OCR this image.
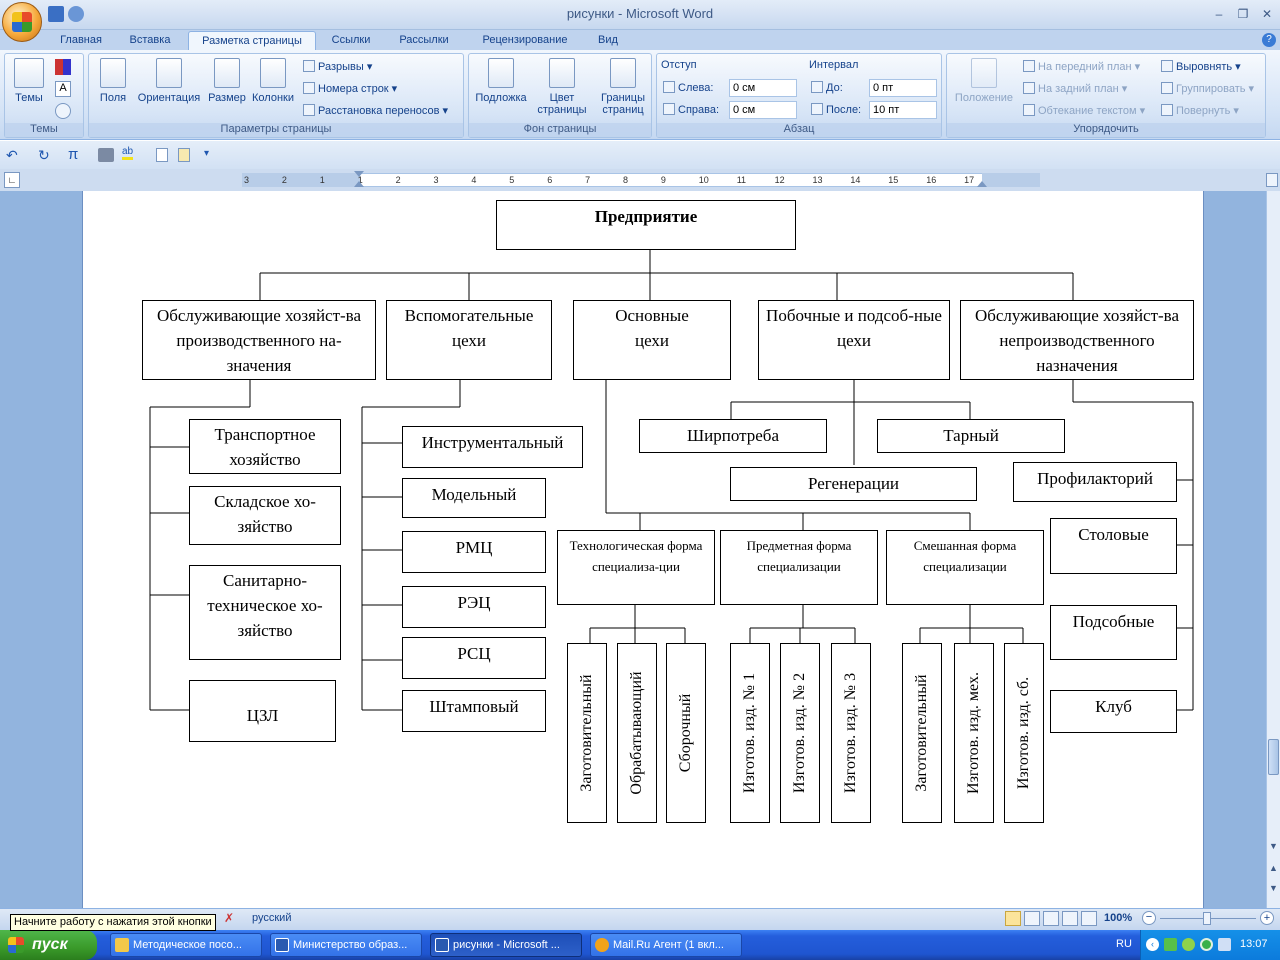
рисунки - Microsoft Word	–	❐	✕
Главная	Вставка	Разметка страницы	Ссылки	Рассылки	Рецензирование	Вид	?
Темы
A
Темы
Поля	Ориентация Размер Колонки
Разрывы ▾
Номера строк ▾
Расстановка переносов ▾
Параметры страницы
Подложка	Цвет страницы
Границы страниц
Фон страницы
Отступ
Слева:	0 см
Справа:	0 см
Интервал
До:	0 пт
После:	10 пт
Абзац
Положение
На передний план ▾
На задний план ▾
Обтекание текстом ▾
Выровнять ▾
Группировать ▾
Повернуть ▾
Упорядочить
↶ ↻ π	ab	▾
∟	3	2	1	1	2	3	4	5	6	7	8	9	10	11	12	13	14	15	16	17
▼
▲
▼
Предприятие
Обслуживающие хозяйст-ва производственного на-значения
Вспомогательные цехи
Основные цехи
Побочные и подсоб-ные цехи
Обслуживающие хозяйст-ва непроизводственного назначения
Транспортное хозяйство
Складское хо-зяйство
Санитарно-техническое хо-зяйство
ЦЗЛ
Инструментальный
Модельный
РМЦ
РЭЦ
РСЦ
Штамповый
Ширпотреба	Тарный
Регенерации	Профилакторий
Столовые
Подсобные
Клуб
Технологическая форма специализа-ции
Предметная форма специализации
Смешанная форма специализации
Заготовительный Обрабатывающий Сборочный	Изготов. изд. № 1 Изготов. изд. № 2 Изготов. изд. № 3	Заготовительный Изготов. изд. мех. Изготов. изд. сб.
Начните работу с нажатия этой кнопки	✗ русский	100%	−	+
пуск	Методическое посо...	Министерство образ...	рисунки - Microsoft ...	Mail.Ru Агент (1 вкл...	RU	‹	13:07
